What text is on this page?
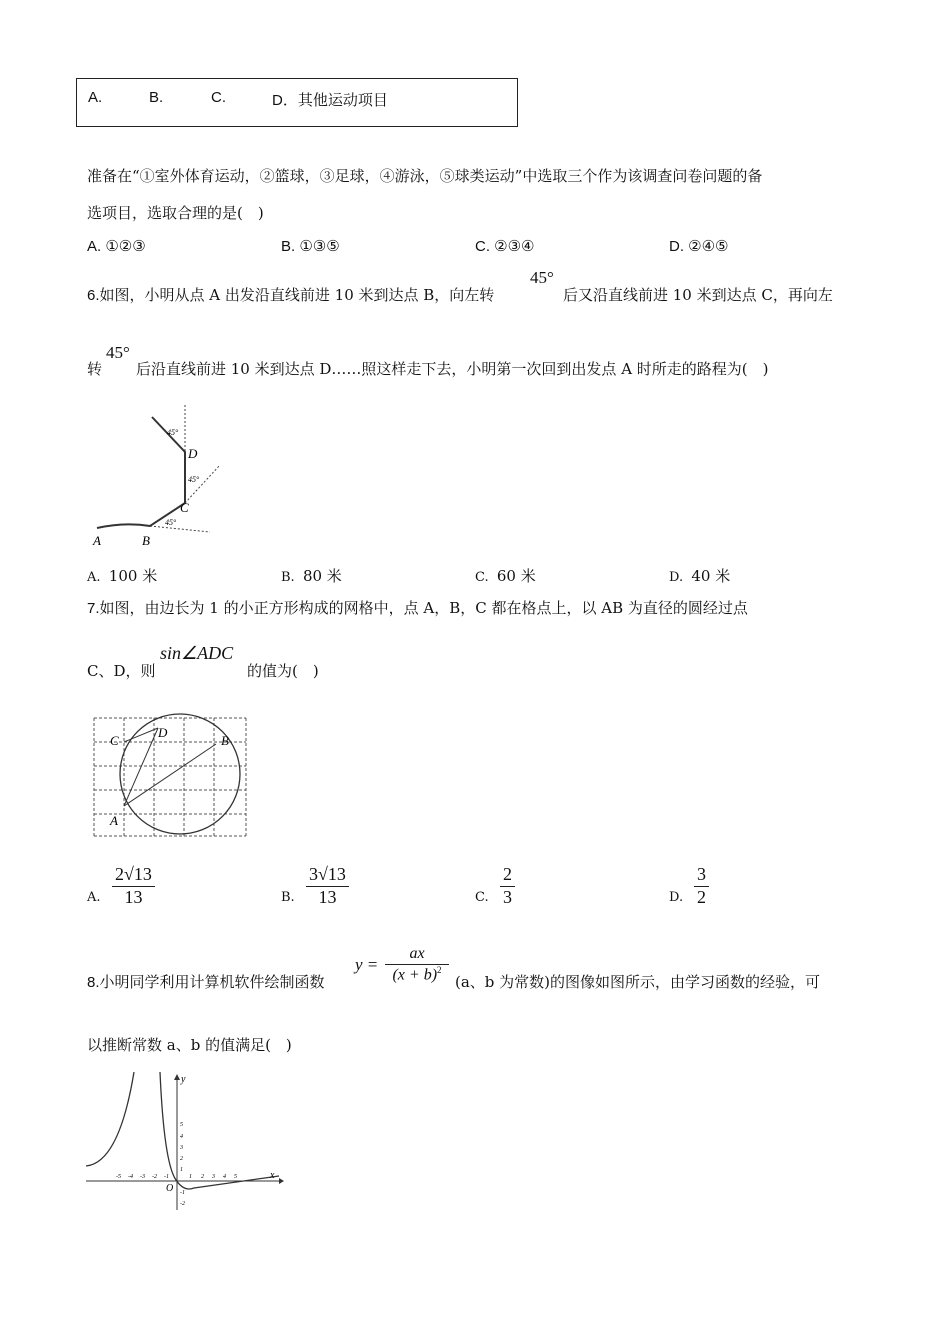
A.	B.	C.	D．其他运动项目
准备在“①室外体育运动，②篮球，③足球，④游泳，⑤球类运动”中选取三个作为该调查问卷问题的备
选项目，选取合理的是(　)
A. ①②③	B. ①③⑤	C. ②③④	D. ②④⑤
6.如图，小明从点 A 出发沿直线前进 10 米到达点 B，向左转
45°
后又沿直线前进 10 米到达点 C，再向左
转
45°
后沿直线前进 10 米到达点 D……照这样走下去，小明第一次回到出发点 A 时所走的路程为(　)
A	B
C
D
45°
45°
45°
A. 100 米	B. 80 米	C. 60 米	D. 40 米
7.如图，由边长为 1 的小正方形构成的网格中，点 A，B，C 都在格点上，以 AB 为直径的圆经过点
C、D，则
sin∠ADC
的值为(　)
C
D
B
A
A. $\frac{2√13}{13}$	B. $\frac{3√13}{13}$	C. $\frac{2}{3}$	D. $\frac{3}{2}$
8.小明同学利用计算机软件绘制函数
y =
ax
$(x + b)^2$
(a、b 为常数)的图像如图所示，由学习函数的经验，可
以推断常数 a、b 的值满足(　)
x
y
O
-5 -4 -3 -2 -1	1 2 3 4 5
5
4
3
2
1
-1
-2
